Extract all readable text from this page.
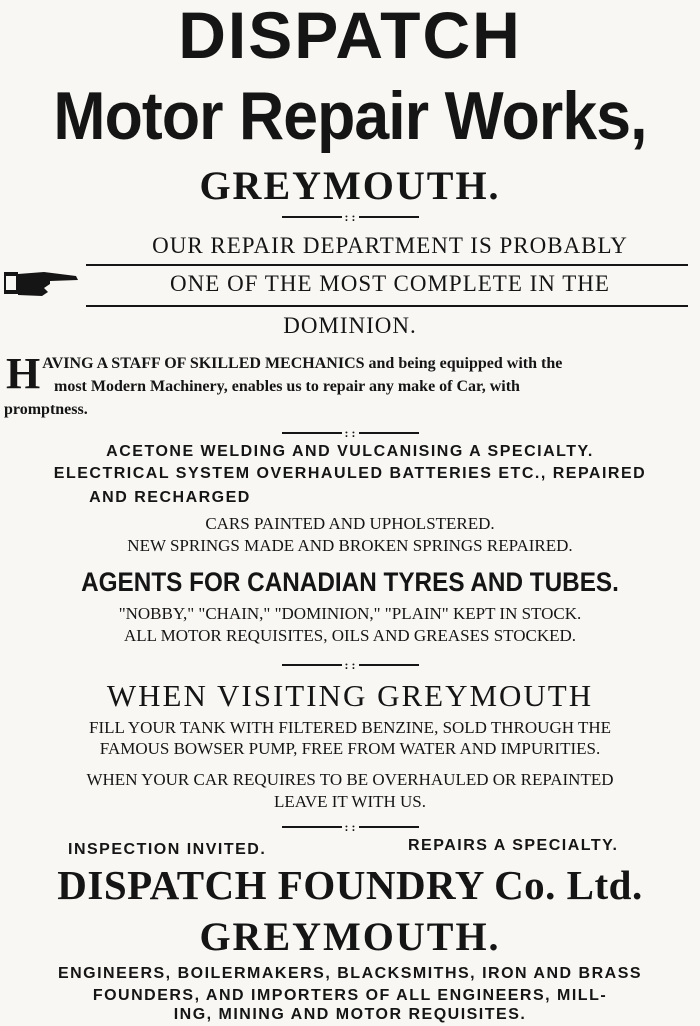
DISPATCH
Motor Repair Works,
GREYMOUTH.
: :
OUR REPAIR DEPARTMENT IS PROBABLY
ONE OF THE MOST COMPLETE IN THE
DOMINION.
H AVING A STAFF OF SKILLED MECHANICS and being equipped with the
most Modern Machinery, enables us to repair any make of Car, with
promptness.
: :
ACETONE WELDING AND VULCANISING A SPECIALTY.
ELECTRICAL SYSTEM OVERHAULED BATTERIES ETC., REPAIRED
AND RECHARGED
CARS PAINTED AND UPHOLSTERED.
NEW SPRINGS MADE AND BROKEN SPRINGS REPAIRED.
AGENTS FOR CANADIAN TYRES AND TUBES.
"NOBBY," "CHAIN," "DOMINION," "PLAIN" KEPT IN STOCK.
ALL MOTOR REQUISITES, OILS AND GREASES STOCKED.
: :
WHEN VISITING GREYMOUTH
FILL YOUR TANK WITH FILTERED BENZINE, SOLD THROUGH THE
FAMOUS BOWSER PUMP, FREE FROM WATER AND IMPURITIES.
WHEN YOUR CAR REQUIRES TO BE OVERHAULED OR REPAINTED
LEAVE IT WITH US.
: :
INSPECTION INVITED.	REPAIRS A SPECIALTY.
DISPATCH FOUNDRY Co. Ltd.
GREYMOUTH.
ENGINEERS, BOILERMAKERS, BLACKSMITHS, IRON AND BRASS
FOUNDERS, AND IMPORTERS OF ALL ENGINEERS, MILL-
ING, MINING AND MOTOR REQUISITES.
